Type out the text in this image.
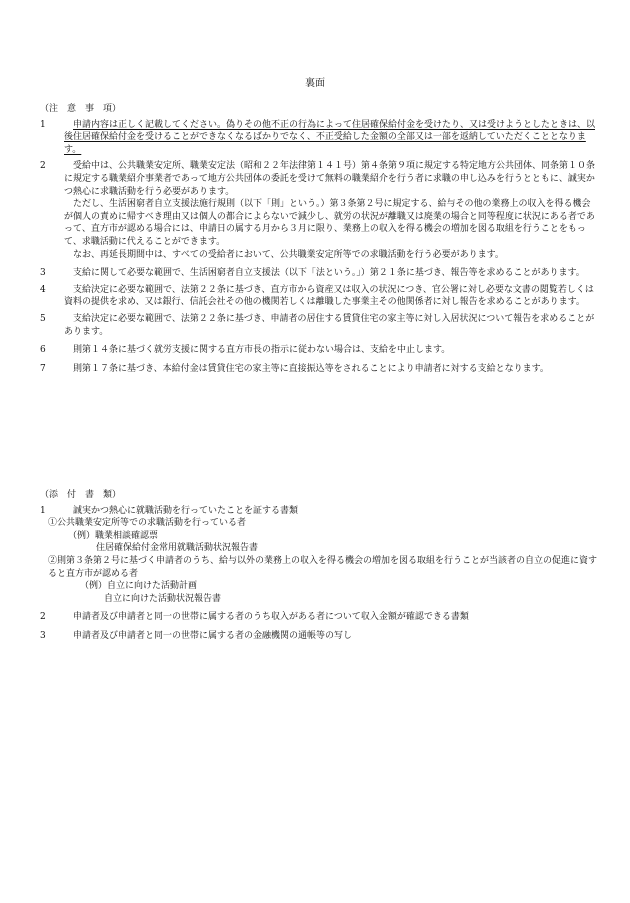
裏面
（注　意　事　項）
1	申請内容は正しく記載してください。偽りその他不正の行為によって住居確保給付金を受けたり、又は受けようとしたときは、以後住居確保給付金を受けることができなくなるばかりでなく、不正受給した金額の全部又は一部を返納していただくこととなります。

2	受給中は、公共職業安定所、職業安定法（昭和２２年法律第１４１号）第４条第９項に規定する特定地方公共団体、同条第１０条に規定する職業紹介事業者であって地方公共団体の委託を受けて無料の職業紹介を行う者に求職の申し込みを行うとともに、誠実かつ熱心に求職活動を行う必要があります。

ただし、生活困窮者自立支援法施行規則（以下「則」という。）第３条第２号に規定する、給与その他の業務上の収入を得る機会が個人の責めに帰すべき理由又は個人の都合によらないで減少し、就労の状況が離職又は廃業の場合と同等程度に状況にある者であって、直方市が認める場合には、申請日の属する月から３月に限り、業務上の収入を得る機会の増加を図る取組を行うことをもって、求職活動に代えることができます。

なお、再延長期間中は、すべての受給者において、公共職業安定所等での求職活動を行う必要があります。

3	支給に関して必要な範囲で、生活困窮者自立支援法（以下「法という。」）第２１条に基づき、報告等を求めることがあります。

4	支給決定に必要な範囲で、法第２２条に基づき、直方市から資産又は収入の状況につき、官公署に対し必要な文書の閲覧若しくは資料の提供を求め、又は銀行、信託会社その他の機関若しくは離職した事業主その他関係者に対し報告を求めることがあります。

5	支給決定に必要な範囲で、法第２２条に基づき、申請者の居住する賃貸住宅の家主等に対し入居状況について報告を求めることがあります。

6	則第１４条に基づく就労支援に関する直方市長の指示に従わない場合は、支給を中止します。

7	則第１７条に基づき、本給付金は賃貸住宅の家主等に直接振込等をされることにより申請者に対する支給となります。

（添　付　書　類）
1	誠実かつ熱心に就職活動を行っていたことを証する書類

①公共職業安定所等での求職活動を行っている者
（例）職業相談確認票
住居確保給付金常用就職活動状況報告書
②則第３条第２号に基づく申請者のうち、給与以外の業務上の収入を得る機会の増加を図る取組を行うことが当該者の自立の促進に資すると直方市が認める者
（例）自立に向けた活動計画
自立に向けた活動状況報告書
2	申請者及び申請者と同一の世帯に属する者のうち収入がある者について収入金額が確認できる書類

3	申請者及び申請者と同一の世帯に属する者の金融機関の通帳等の写し
